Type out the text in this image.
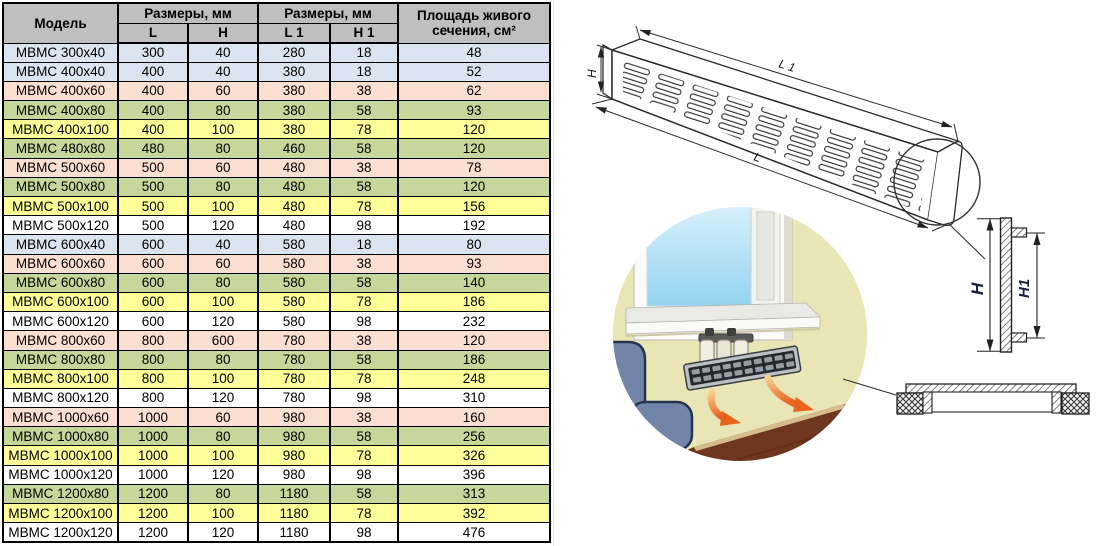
Модель	Размеры, мм		Размеры, мм		Площадь живого сечения, см²
	L	H	L 1	H 1	
МВМС 300x40	300	40	280	18	48
МВМС 400x40	400	40	380	18	52
МВМС 400x60	400	60	380	38	62
МВМС 400x80	400	80	380	58	93
МВМС 400x100	400	100	380	78	120
МВМС 480x80	480	80	460	58	120
МВМС 500x60	500	60	480	38	78
МВМС 500x80	500	80	480	58	120
МВМС 500x100	500	100	480	78	156
МВМС 500x120	500	120	480	98	192
МВМС 600x40	600	40	580	18	80
МВМС 600x60	600	60	580	38	93
МВМС 600x80	600	80	580	58	140
МВМС 600x100	600	100	580	78	186
МВМС 600x120	600	120	580	98	232
МВМС 800x60	800	600	780	38	120
МВМС 800x80	800	80	780	58	186
МВМС 800x100	800	100	780	78	248
МВМС 800x120	800	120	780	98	310
МВМС 1000x60	1000	60	980	38	160
МВМС 1000x80	1000	80	980	58	256
МВМС 1000x100	1000	100	980	78	326
МВМС 1000x120	1000	120	980	98	396
МВМС 1200x80	1200	80	1180	58	313
МВМС 1200x100	1200	100	1180	78	392
МВМС 1200x120	1200	120	1180	98	476
L 1
L
H
H H1
